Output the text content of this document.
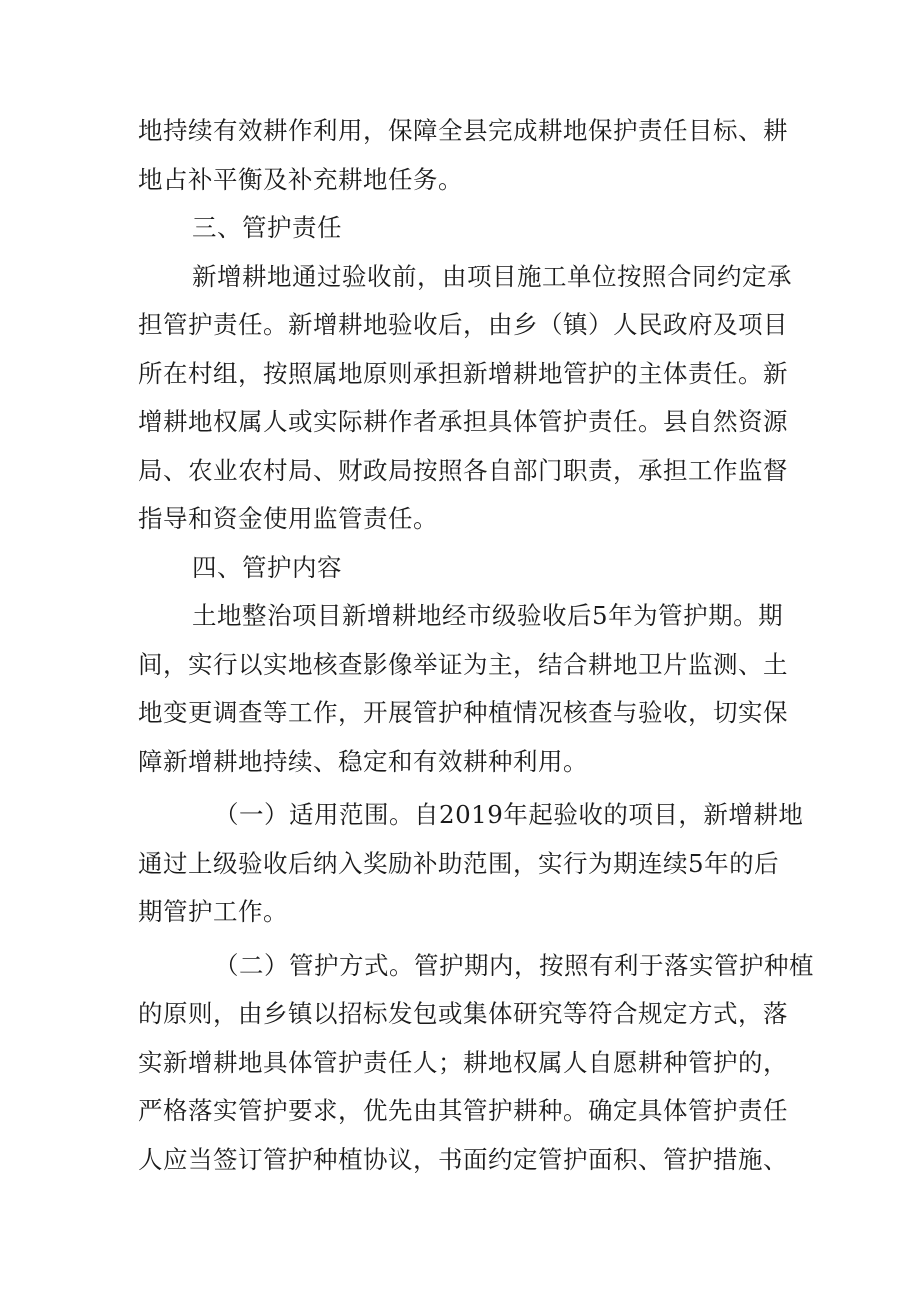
地持续有效耕作利用，保障全县完成耕地保护责任目标、耕
地占补平衡及补充耕地任务。
三、管护责任
新增耕地通过验收前，由项目施工单位按照合同约定承
担管护责任。新增耕地验收后，由乡（镇）人民政府及项目
所在村组，按照属地原则承担新增耕地管护的主体责任。新
增耕地权属人或实际耕作者承担具体管护责任。县自然资源
局、农业农村局、财政局按照各自部门职责，承担工作监督
指导和资金使用监管责任。
四、管护内容
土地整治项目新增耕地经市级验收后5年为管护期。期
间，实行以实地核查影像举证为主，结合耕地卫片监测、土
地变更调查等工作，开展管护种植情况核查与验收，切实保
障新增耕地持续、稳定和有效耕种利用。
（一）适用范围。自2019年起验收的项目，新增耕地
通过上级验收后纳入奖励补助范围，实行为期连续5年的后
期管护工作。
（二）管护方式。管护期内，按照有利于落实管护种植
的原则，由乡镇以招标发包或集体研究等符合规定方式，落
实新增耕地具体管护责任人；耕地权属人自愿耕种管护的，
严格落实管护要求，优先由其管护耕种。确定具体管护责任
人应当签订管护种植协议，书面约定管护面积、管护措施、
